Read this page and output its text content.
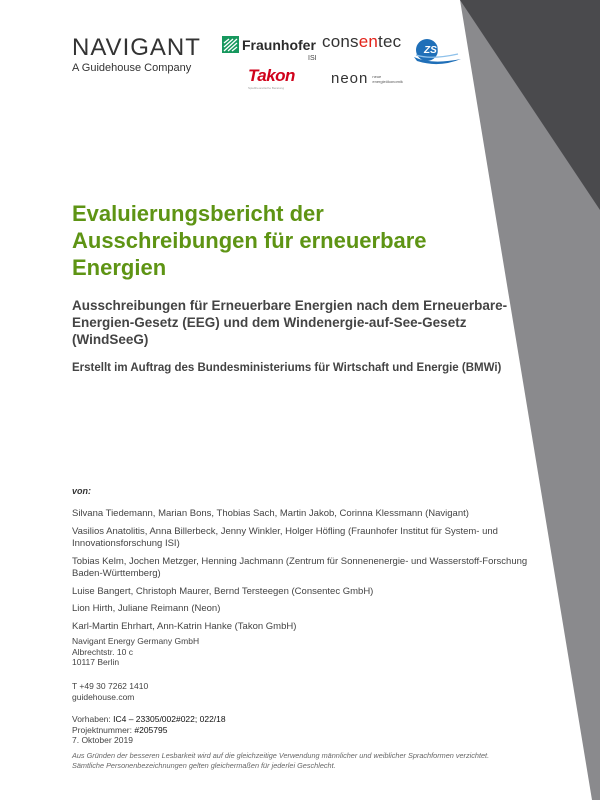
NAVIGANT
A Guidehouse Company
Fraunhofer
ISI
consentec ZSW
Takon
Spieltheoretische Beratung
neon neue
energieökonomik
Evaluierungsbericht der Ausschreibungen für erneuerbare Energien
Ausschreibungen für Erneuerbare Energien nach dem Erneuerbare-Energien-Gesetz (EEG) und dem Windenergie-auf-See-Gesetz (WindSeeG)

Erstellt im Auftrag des Bundesministeriums für Wirtschaft und Energie (BMWi)

von:
Silvana Tiedemann, Marian Bons, Thobias Sach, Martin Jakob, Corinna Klessmann (Navigant)
Vasilios Anatolitis, Anna Billerbeck, Jenny Winkler, Holger Höfling (Fraunhofer Institut für System- und Innovationsforschung ISI)
Tobias Kelm, Jochen Metzger, Henning Jachmann (Zentrum für Sonnenenergie- und Wasserstoff-Forschung Baden-Württemberg)
Luise Bangert, Christoph Maurer, Bernd Tersteegen (Consentec GmbH)
Lion Hirth, Juliane Reimann (Neon)
Karl-Martin Ehrhart, Ann-Katrin Hanke (Takon GmbH)
Navigant Energy Germany GmbH
Albrechtstr. 10 c
10117 Berlin
T +49 30 7262 1410
guidehouse.com
Vorhaben: IC4 – 23305/002#022; 022/18
Projektnummer: #205795
7. Oktober 2019
Aus Gründen der besseren Lesbarkeit wird auf die gleichzeitige Verwendung männlicher und weiblicher Sprachformen verzichtet. Sämtliche Personenbezeichnungen gelten gleichermaßen für jederlei Geschlecht.
